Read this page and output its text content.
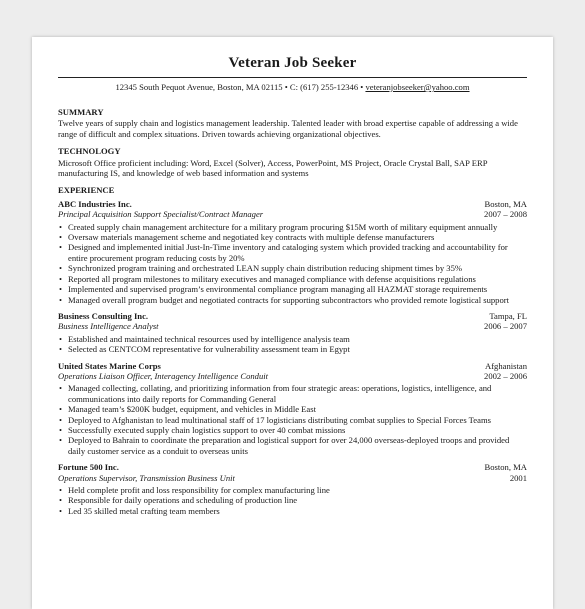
Veteran Job Seeker
12345 South Pequot Avenue, Boston, MA 02115 • C: (617) 255-12346 • veteranjobseeker@yahoo.com
SUMMARY
Twelve years of supply chain and logistics management leadership. Talented leader with broad expertise capable of addressing a wide range of difficult and complex situations. Driven towards achieving organizational objectives.
TECHNOLOGY
Microsoft Office proficient including: Word, Excel (Solver), Access, PowerPoint, MS Project, Oracle Crystal Ball, SAP ERP manufacturing IS, and knowledge of web based information and systems
EXPERIENCE
ABC Industries Inc.	Boston, MA
Principal Acquisition Support Specialist/Contract Manager	2007 – 2008
• Created supply chain management architecture for a military program procuring $15M worth of military equipment annually
• Oversaw materials management scheme and negotiated key contracts with multiple defense manufacturers
• Designed and implemented initial Just-In-Time inventory and cataloging system which provided tracking and accountability for entire procurement program reducing costs by 20%
• Synchronized program training and orchestrated LEAN supply chain distribution reducing shipment times by 35%
• Reported all program milestones to military executives and managed compliance with defense acquisitions regulations
• Implemented and supervised program’s environmental compliance program managing all HAZMAT storage requirements
• Managed overall program budget and negotiated contracts for supporting subcontractors who provided remote logistical support
Business Consulting Inc.	Tampa, FL
Business Intelligence Analyst	2006 – 2007
• Established and maintained technical resources used by intelligence analysis team
• Selected as CENTCOM representative for vulnerability assessment team in Egypt
United States Marine Corps	Afghanistan
Operations Liaison Officer, Interagency Intelligence Conduit	2002 – 2006
• Managed collecting, collating, and prioritizing information from four strategic areas: operations, logistics, intelligence, and communications into daily reports for Commanding General
• Managed team’s $200K budget, equipment, and vehicles in Middle East
• Deployed to Afghanistan to lead multinational staff of 17 logisticians distributing combat supplies to Special Forces Teams
• Successfully executed supply chain logistics support to over 40 combat missions
• Deployed to Bahrain to coordinate the preparation and logistical support for over 24,000 overseas-deployed troops and provided daily customer service as a conduit to overseas units
Fortune 500 Inc.	Boston, MA
Operations Supervisor, Transmission Business Unit	2001
• Held complete profit and loss responsibility for complex manufacturing line
• Responsible for daily operations and scheduling of production line
• Led 35 skilled metal crafting team members
